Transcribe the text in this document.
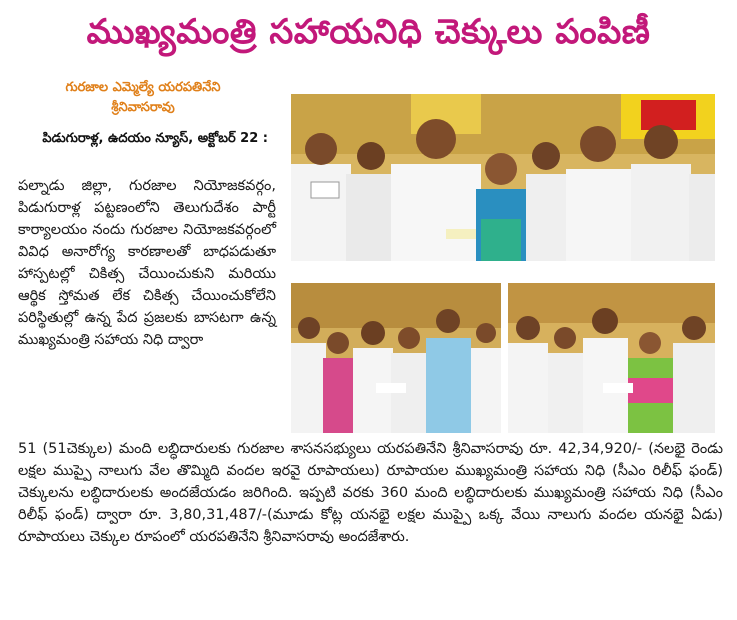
ముఖ్యమంత్రి సహాయనిధి చెక్కులు పంపిణీ
గురజాల ఎమ్మెల్యే యరపతినేని
శ్రీనివాసరావు
పిడుగురాళ్ల, ఉదయం న్యూస్, అక్టోబర్ 22 :
పల్నాడు జిల్లా, గురజాల నియోజకవర్గం, పిడుగురాళ్ల పట్టణంలోని తెలుగుదేశం పార్టీ కార్యాలయం నందు గురజాల నియోజకవర్గంలో వివిధ అనారోగ్య కారణాలతో బాధపడుతూ హాస్పటల్లో చికిత్స చేయించుకుని మరియు ఆర్థిక స్తోమత లేక చికిత్స చేయించుకోలేని పరిస్థితుల్లో ఉన్న పేద ప్రజలకు బాసటగా ఉన్న ముఖ్యమంత్రి సహాయ నిధి ద్వారా
51 (51చెక్కుల) మంది లబ్ధిదారులకు గురజాల శాసనసభ్యులు యరపతినేని శ్రీనివాసరావు రూ. 42,34,920/- (నలభై రెండు లక్షల ముప్పై నాలుగు వేల తొమ్మిది వందల ఇరవై రూపాయలు) రూపాయల ముఖ్యమంత్రి సహాయ నిధి (సీఎం రిలీఫ్ ఫండ్) చెక్కులను లబ్ధిదారులకు అందజేయడం జరిగింది. ఇప్పటి వరకు 360 మంది లబ్ధిదారులకు ముఖ్యమంత్రి సహాయ నిధి (సీఎం రిలీఫ్ ఫండ్) ద్వారా రూ. 3,80,31,487/-(మూడు కోట్ల యనభై లక్షల ముప్పై ఒక్క వేయి నాలుగు వందల యనభై ఏడు) రూపాయలు చెక్కుల రూపంలో యరపతినేని శ్రీనివాసరావు అందజేశారు.
